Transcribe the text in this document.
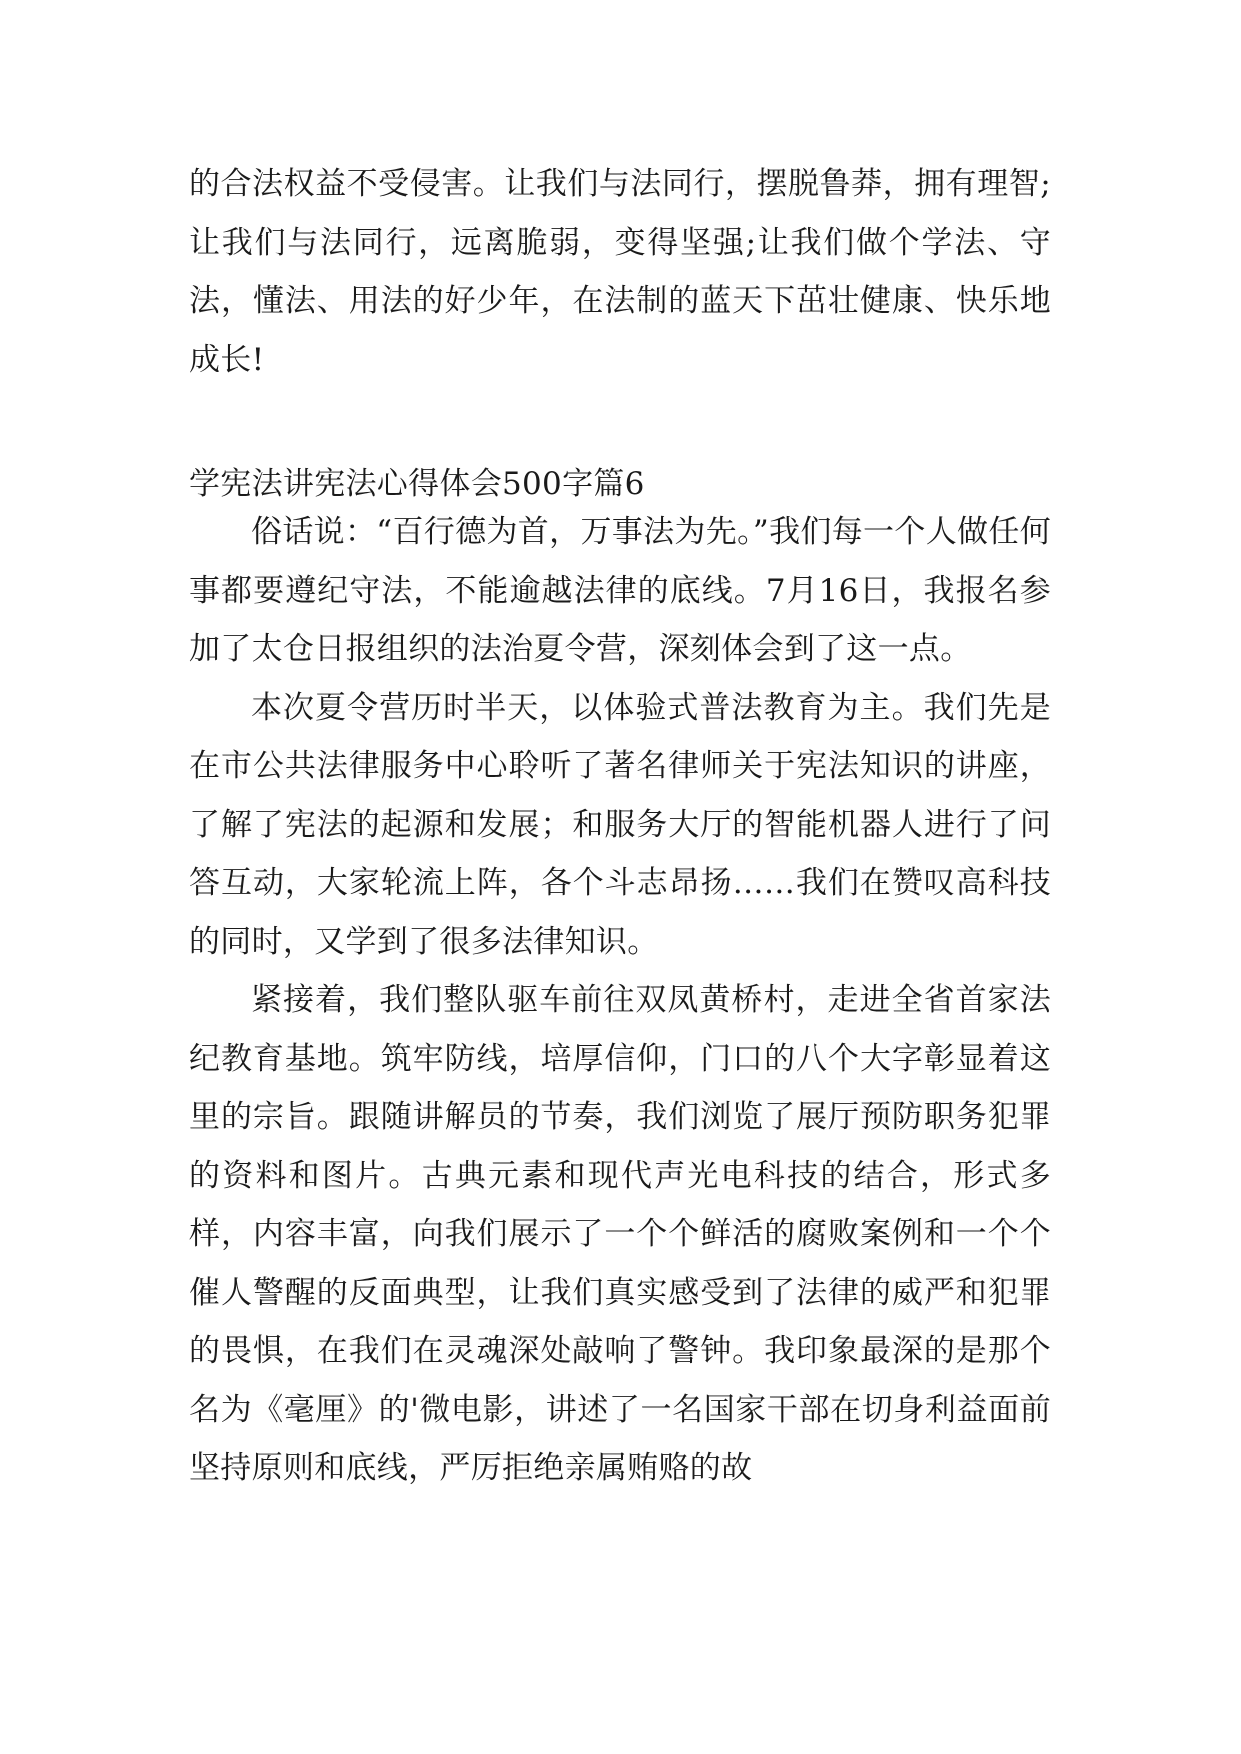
的合法权益不受侵害。让我们与法同行，摆脱鲁莽，拥有理智;让我们与法同行，远离脆弱，变得坚强;让我们做个学法、守法，懂法、用法的好少年，在法制的蓝天下茁壮健康、快乐地成长!

学宪法讲宪法心得体会500字篇6

俗话说：“百行德为首，万事法为先。”我们每一个人做任何事都要遵纪守法，不能逾越法律的底线。7月16日，我报名参加了太仓日报组织的法治夏令营，深刻体会到了这一点。

本次夏令营历时半天，以体验式普法教育为主。我们先是在市公共法律服务中心聆听了著名律师关于宪法知识的讲座，了解了宪法的起源和发展；和服务大厅的智能机器人进行了问答互动，大家轮流上阵，各个斗志昂扬……我们在赞叹高科技的同时，又学到了很多法律知识。

紧接着，我们整队驱车前往双凤黄桥村，走进全省首家法纪教育基地。筑牢防线，培厚信仰，门口的八个大字彰显着这里的宗旨。跟随讲解员的节奏，我们浏览了展厅预防职务犯罪的资料和图片。古典元素和现代声光电科技的结合，形式多样，内容丰富，向我们展示了一个个鲜活的腐败案例和一个个催人警醒的反面典型，让我们真实感受到了法律的威严和犯罪的畏惧，在我们在灵魂深处敲响了警钟。我印象最深的是那个名为《毫厘》的'微电影，讲述了一名国家干部在切身利益面前坚持原则和底线，严厉拒绝亲属贿赂的故
